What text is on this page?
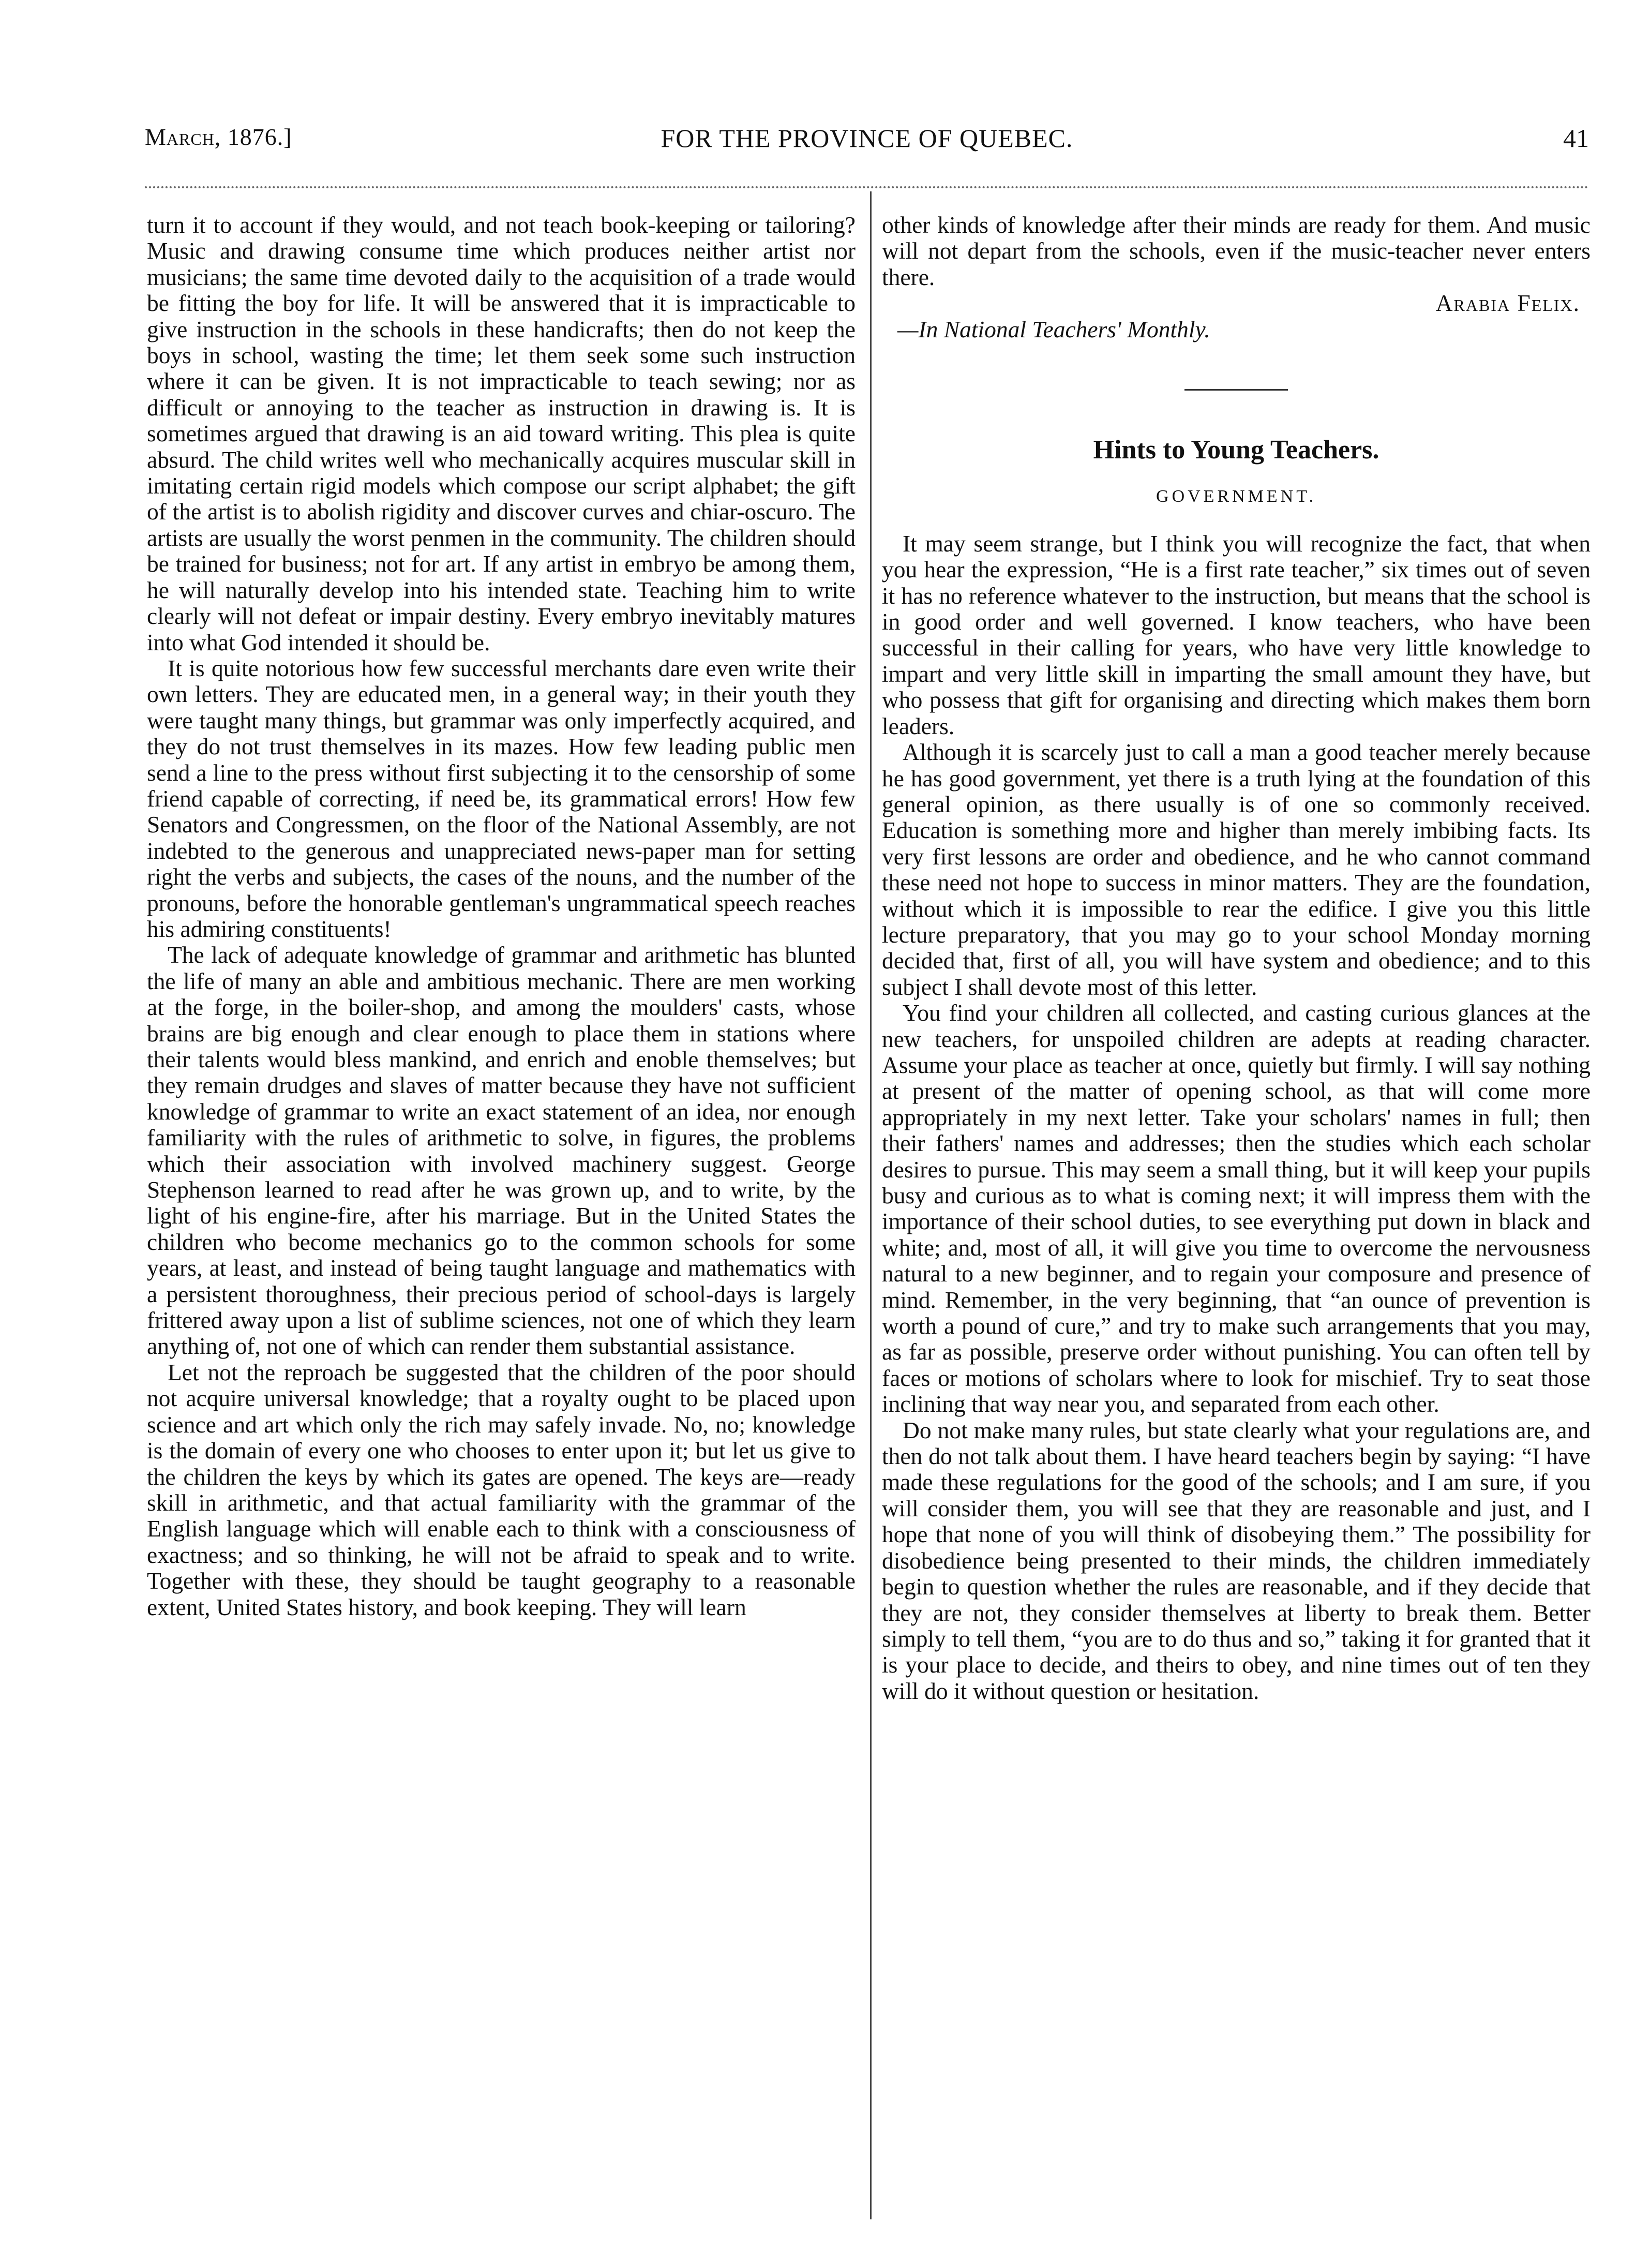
March, 1876.]	FOR THE PROVINCE OF QUEBEC.	41

turn it to account if they would, and not teach book-keeping or tailoring? Music and drawing consume time which produces neither artist nor musicians; the same time devoted daily to the acquisition of a trade would be fitting the boy for life. It will be answered that it is impracticable to give instruction in the schools in these handicrafts; then do not keep the boys in school, wasting the time; let them seek some such instruction where it can be given. It is not impracticable to teach sewing; nor as difficult or annoying to the teacher as instruction in drawing is. It is sometimes argued that drawing is an aid toward writing. This plea is quite absurd. The child writes well who mechanically acquires muscular skill in imitating certain rigid models which compose our script alphabet; the gift of the artist is to abolish rigidity and discover curves and chiar-oscuro. The artists are usually the worst penmen in the community. The children should be trained for business; not for art. If any artist in embryo be among them, he will naturally develop into his intended state. Teaching him to write clearly will not defeat or impair destiny. Every embryo inevitably matures into what God intended it should be.

It is quite notorious how few successful merchants dare even write their own letters. They are educated men, in a general way; in their youth they were taught many things, but grammar was only imperfectly acquired, and they do not trust themselves in its mazes. How few leading public men send a line to the press without first subjecting it to the censorship of some friend capable of correcting, if need be, its grammatical errors! How few Senators and Congressmen, on the floor of the National Assembly, are not indebted to the generous and unappreciated news-paper man for setting right the verbs and subjects, the cases of the nouns, and the number of the pronouns, before the honorable gentleman's ungrammatical speech reaches his admiring constituents!

The lack of adequate knowledge of grammar and arithmetic has blunted the life of many an able and ambitious mechanic. There are men working at the forge, in the boiler-shop, and among the moulders' casts, whose brains are big enough and clear enough to place them in stations where their talents would bless mankind, and enrich and enoble themselves; but they remain drudges and slaves of matter because they have not sufficient knowledge of grammar to write an exact statement of an idea, nor enough familiarity with the rules of arithmetic to solve, in figures, the problems which their association with involved machinery suggest. George Stephenson learned to read after he was grown up, and to write, by the light of his engine-fire, after his marriage. But in the United States the children who become mechanics go to the common schools for some years, at least, and instead of being taught language and mathematics with a persistent thoroughness, their precious period of school-days is largely frittered away upon a list of sublime sciences, not one of which they learn anything of, not one of which can render them substantial assistance.

Let not the reproach be suggested that the children of the poor should not acquire universal knowledge; that a royalty ought to be placed upon science and art which only the rich may safely invade. No, no; knowledge is the domain of every one who chooses to enter upon it; but let us give to the children the keys by which its gates are opened. The keys are—ready skill in arithmetic, and that actual familiarity with the grammar of the English language which will enable each to think with a consciousness of exactness; and so thinking, he will not be afraid to speak and to write. Together with these, they should be taught geography to a reasonable extent, United States history, and book keeping. They will learn

other kinds of knowledge after their minds are ready for them. And music will not depart from the schools, even if the music-teacher never enters there.

Arabia Felix.
—In National Teachers' Monthly.
Hints to Young Teachers.
GOVERNMENT.

It may seem strange, but I think you will recognize the fact, that when you hear the expression, “He is a first rate teacher,” six times out of seven it has no reference whatever to the instruction, but means that the school is in good order and well governed. I know teachers, who have been successful in their calling for years, who have very little knowledge to impart and very little skill in imparting the small amount they have, but who possess that gift for organising and directing which makes them born leaders.

Although it is scarcely just to call a man a good teacher merely because he has good government, yet there is a truth lying at the foundation of this general opinion, as there usually is of one so commonly received. Education is something more and higher than merely imbibing facts. Its very first lessons are order and obedience, and he who cannot command these need not hope to success in minor matters. They are the foundation, without which it is impossible to rear the edifice. I give you this little lecture preparatory, that you may go to your school Monday morning decided that, first of all, you will have system and obedience; and to this subject I shall devote most of this letter.

You find your children all collected, and casting curious glances at the new teachers, for unspoiled children are adepts at reading character. Assume your place as teacher at once, quietly but firmly. I will say nothing at present of the matter of opening school, as that will come more appropriately in my next letter. Take your scholars' names in full; then their fathers' names and addresses; then the studies which each scholar desires to pursue. This may seem a small thing, but it will keep your pupils busy and curious as to what is coming next; it will impress them with the importance of their school duties, to see everything put down in black and white; and, most of all, it will give you time to overcome the nervousness natural to a new beginner, and to regain your composure and presence of mind. Remember, in the very beginning, that “an ounce of prevention is worth a pound of cure,” and try to make such arrangements that you may, as far as possible, preserve order without punishing. You can often tell by faces or motions of scholars where to look for mischief. Try to seat those inclining that way near you, and separated from each other.

Do not make many rules, but state clearly what your regulations are, and then do not talk about them. I have heard teachers begin by saying: “I have made these regulations for the good of the schools; and I am sure, if you will consider them, you will see that they are reasonable and just, and I hope that none of you will think of disobeying them.” The possibility for disobedience being presented to their minds, the children immediately begin to question whether the rules are reasonable, and if they decide that they are not, they consider themselves at liberty to break them. Better simply to tell them, “you are to do thus and so,” taking it for granted that it is your place to decide, and theirs to obey, and nine times out of ten they will do it without question or hesitation.
